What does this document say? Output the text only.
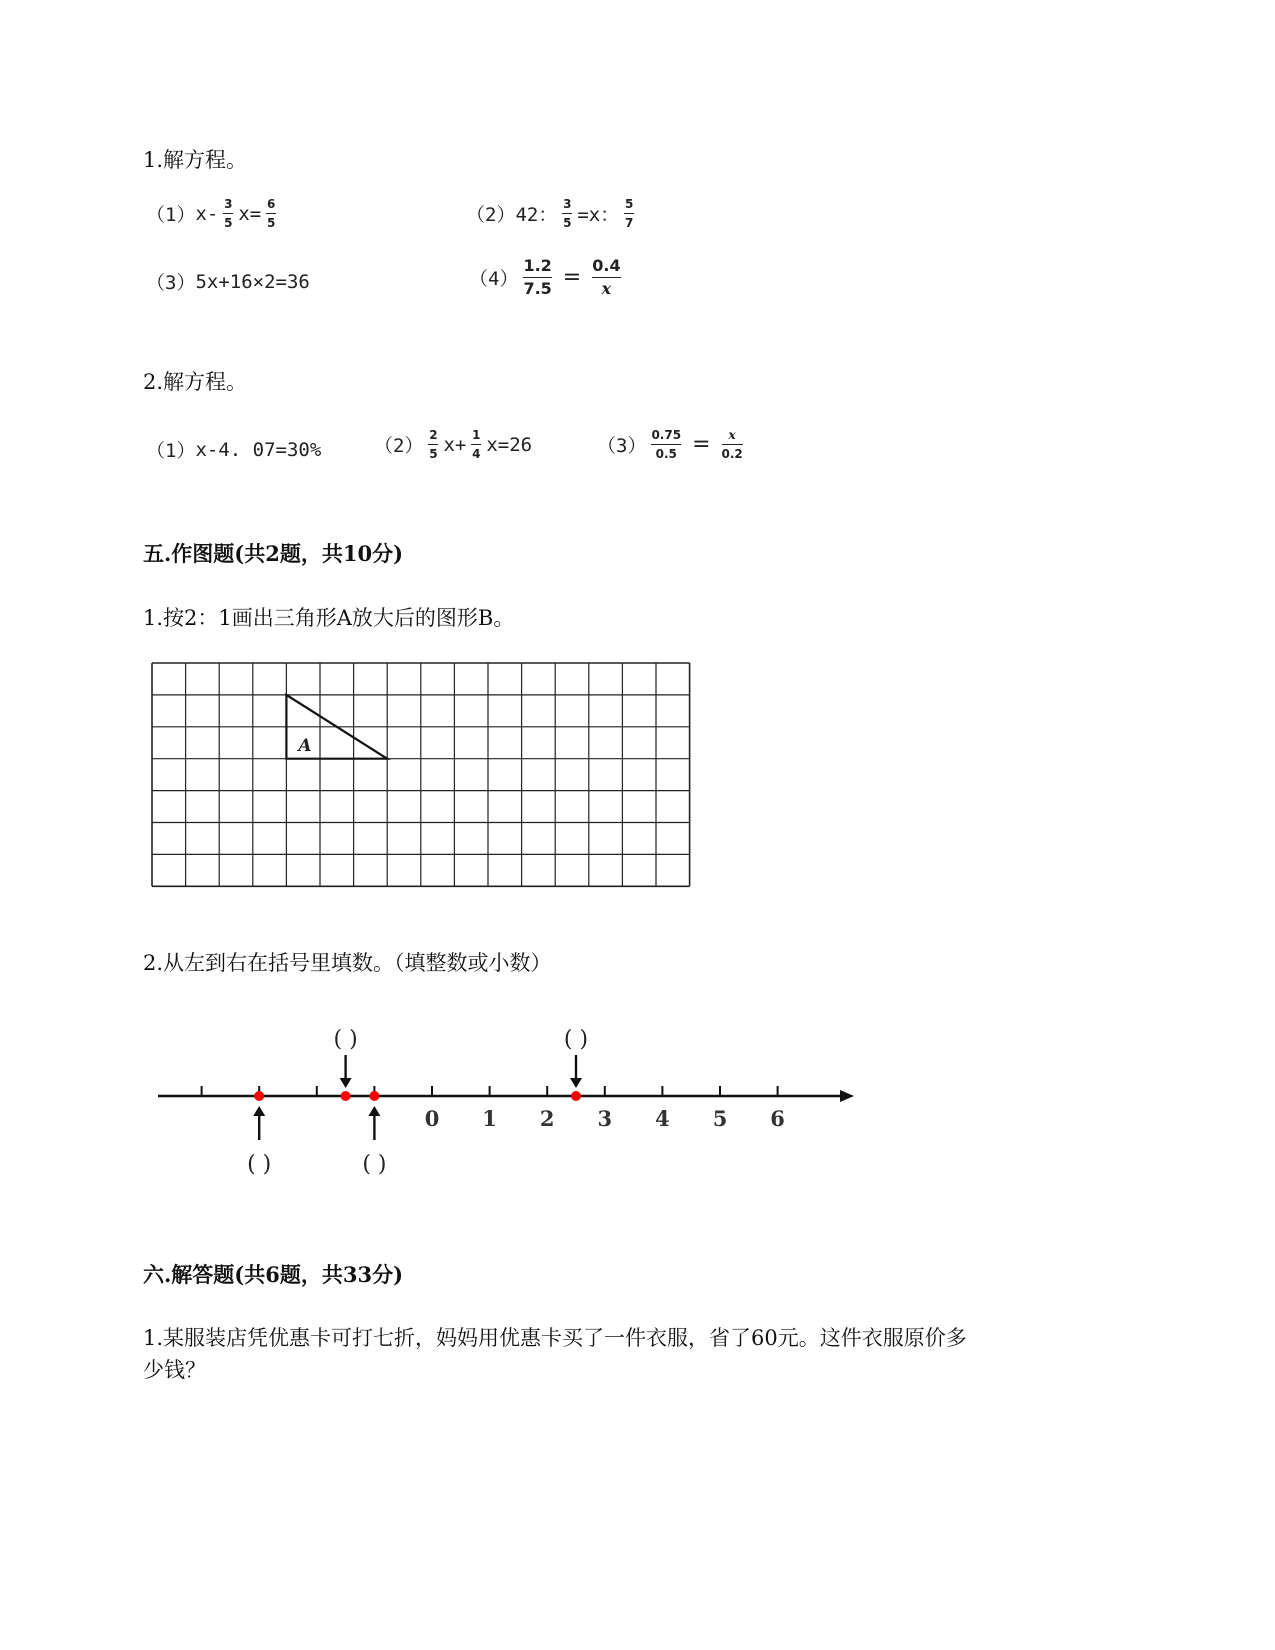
1.解方程。
（1） $x- \frac{3}{5} x= \frac{6}{5}$	（2） 42： $\frac{3}{5} =x$： $\frac{5}{7}$
（3） 5x+16×2=36	$(4) \frac{1.2}{7.5} = \frac{0.4}{x}$
2.解方程。
（1） x-4. 07=30%	$(2) \frac{2}{5} x+ \frac{1}{4} x=26$	$(3) \frac{0.75}{0.5} = \frac{x}{0.2}$
五.作图题(共2题，共10分)
1.按2：1画出三角形A放大后的图形B。
A
0 1 2 3 4 5 6
( )	( )
( )	( )
2.从左到右在括号里填数。（填整数或小数）
六.解答题(共6题，共33分)
1.某服装店凭优惠卡可打七折，妈妈用优惠卡买了一件衣服，省了60元。这件衣服原价多
少钱？
